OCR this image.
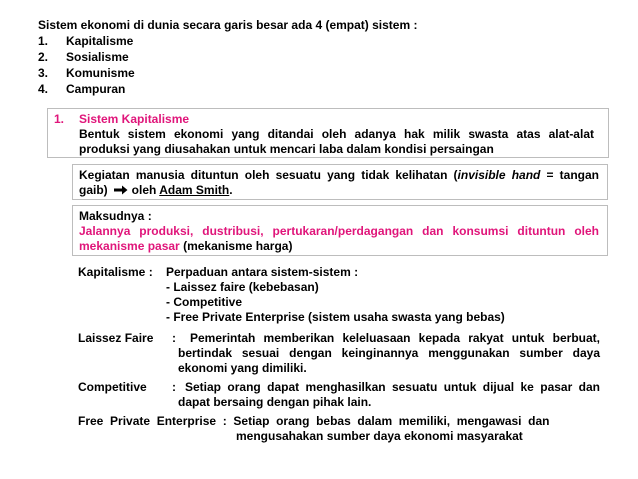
Sistem ekonomi di dunia secara garis besar ada 4 (empat) sistem :
1.	Kapitalisme
2.	Sosialisme
3.	Komunisme
4.	Campuran
1. Sistem Kapitalisme
Bentuk sistem ekonomi yang ditandai oleh adanya hak milik swasta atas alat-alat
produksi yang diusahakan untuk mencari laba dalam kondisi persaingan
Kegiatan manusia dituntun oleh sesuatu yang tidak kelihatan (invisible hand = tangan
gaib)   oleh Adam Smith.
Maksudnya :
Jalannya produksi, dustribusi, pertukaran/perdagangan dan konsumsi dituntun oleh
mekanisme pasar (mekanisme harga)
Kapitalisme : Perpaduan antara sistem-sistem :
- Laissez faire (kebebasan)
- Competitive
- Free Private Enterprise (sistem usaha swasta yang bebas)
Laissez Faire : Pemerintah memberikan keleluasaan kepada rakyat untuk berbuat,
bertindak sesuai dengan keinginannya menggunakan sumber daya
ekonomi yang dimiliki.
Competitive : Setiap orang dapat menghasilkan sesuatu untuk dijual ke pasar dan
dapat bersaing dengan pihak lain.
Free  Private  Enterprise  :  Setiap  orang  bebas  dalam  memiliki,  mengawasi  dan
mengusahakan sumber daya ekonomi masyarakat
